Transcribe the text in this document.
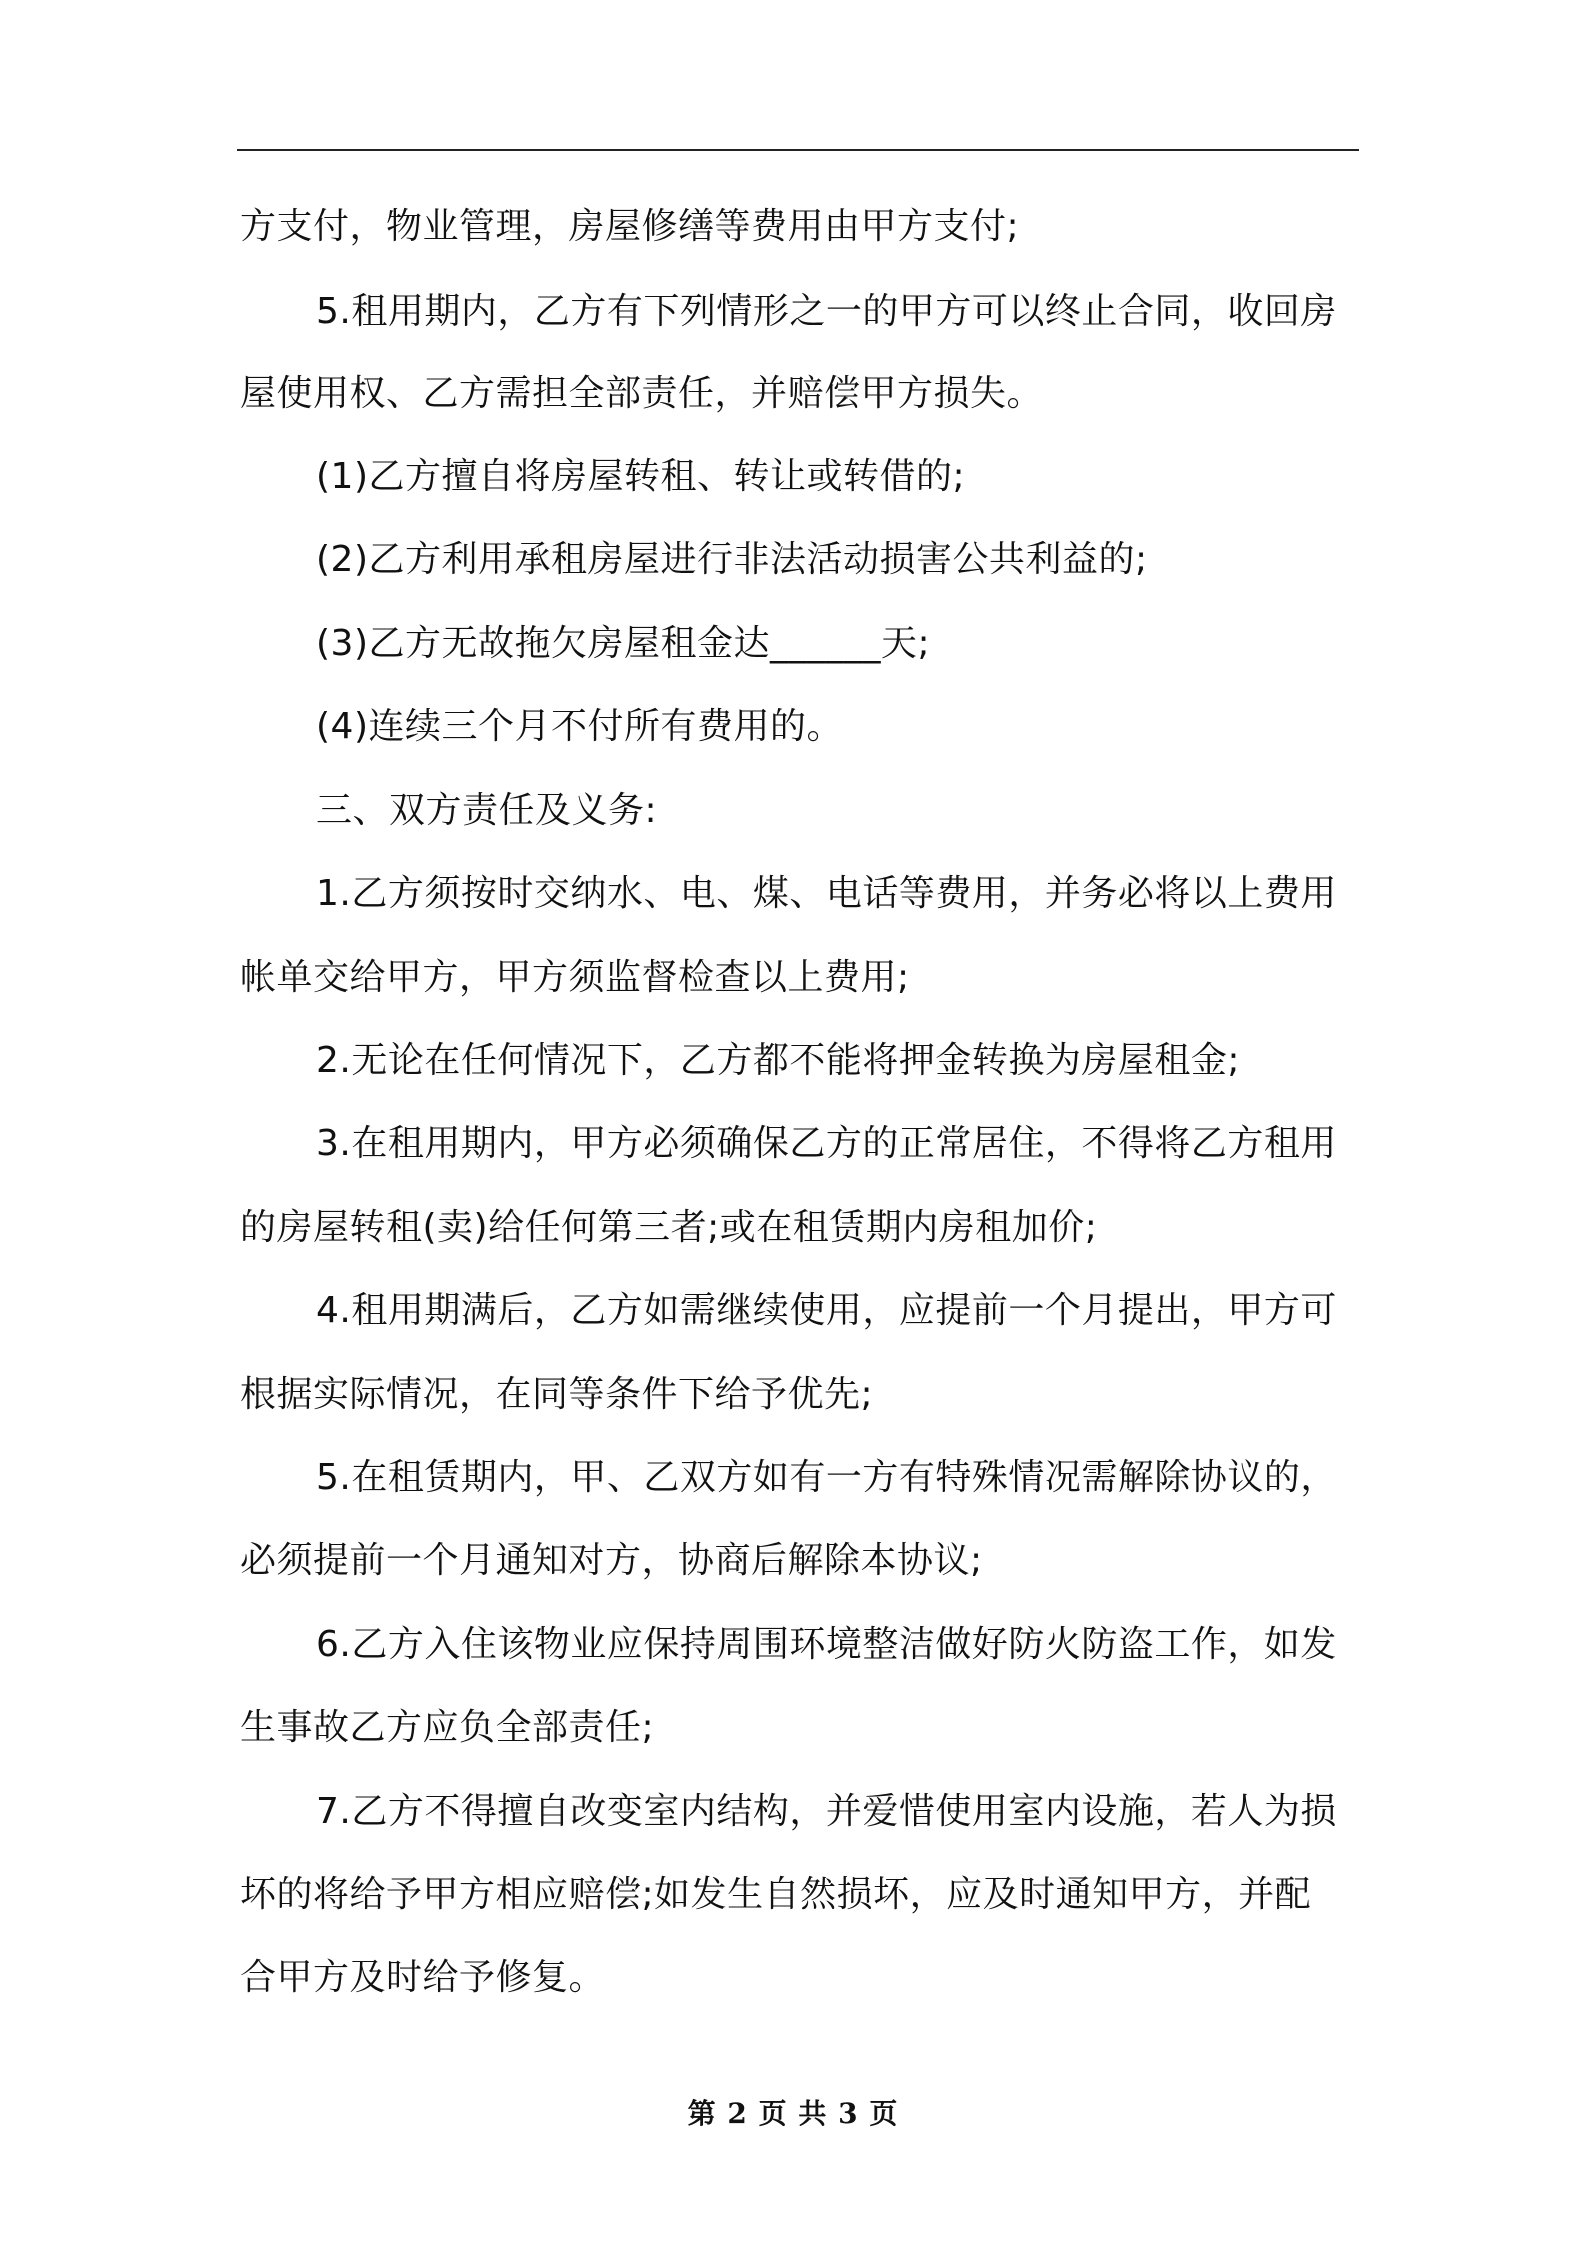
方支付，物业管理，房屋修缮等费用由甲方支付;
5.租用期内，乙方有下列情形之一的甲方可以终止合同，收回房
屋使用权、乙方需担全部责任，并赔偿甲方损失。
(1)乙方擅自将房屋转租、转让或转借的;
(2)乙方利用承租房屋进行非法活动损害公共利益的;
(3)乙方无故拖欠房屋租金达______天;
(4)连续三个月不付所有费用的。
三、双方责任及义务:
1.乙方须按时交纳水、电、煤、电话等费用，并务必将以上费用
帐单交给甲方，甲方须监督检查以上费用;
2.无论在任何情况下，乙方都不能将押金转换为房屋租金;
3.在租用期内，甲方必须确保乙方的正常居住，不得将乙方租用
的房屋转租(卖)给任何第三者;或在租赁期内房租加价;
4.租用期满后，乙方如需继续使用，应提前一个月提出，甲方可
根据实际情况，在同等条件下给予优先;
5.在租赁期内，甲、乙双方如有一方有特殊情况需解除协议的，
必须提前一个月通知对方，协商后解除本协议;
6.乙方入住该物业应保持周围环境整洁做好防火防盗工作，如发
生事故乙方应负全部责任;
7.乙方不得擅自改变室内结构，并爱惜使用室内设施，若人为损
坏的将给予甲方相应赔偿;如发生自然损坏，应及时通知甲方，并配
合甲方及时给予修复。
第 2 页 共 3 页
